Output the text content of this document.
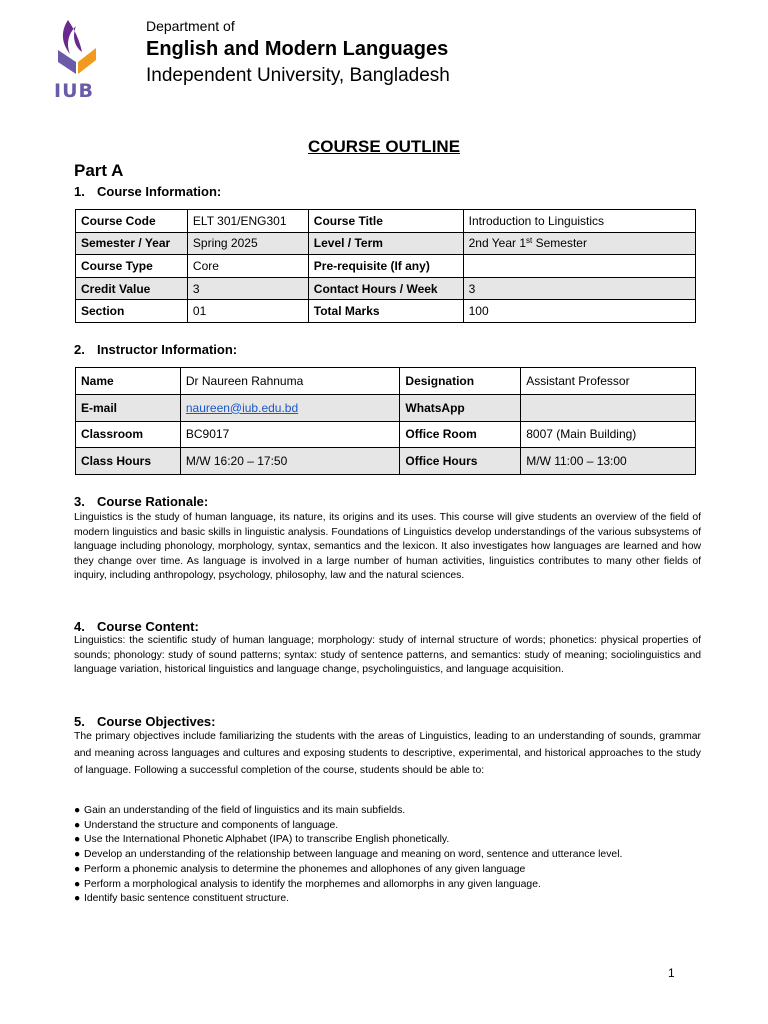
IUB
Department of
English and Modern Languages
Independent University, Bangladesh
COURSE OUTLINE
Part A
1. Course Information:
Course Code	ELT 301/ENG301	Course Title	Introduction to Linguistics
Semester / Year	Spring 2025	Level / Term	2nd Year 1st Semester
Course Type	Core	Pre-requisite (If any)	
Credit Value	3	Contact Hours / Week	3
Section	01	Total Marks	100
2. Instructor Information:
Name	Dr Naureen Rahnuma	Designation	Assistant Professor
E-mail	naureen@iub.edu.bd	WhatsApp	
Classroom	BC9017	Office Room	8007 (Main Building)
Class Hours	M/W 16:20 – 17:50	Office Hours	M/W 11:00 – 13:00
3. Course Rationale:
Linguistics is the study of human language, its nature, its origins and its uses. This course will give students an overview of the field of modern linguistics and basic skills in linguistic analysis. Foundations of Linguistics develop understandings of the various subsystems of language including phonology, morphology, syntax, semantics and the lexicon. It also investigates how languages are learned and how they change over time. As language is involved in a large number of human activities, linguistics contributes to many other fields of inquiry, including anthropology, psychology, philosophy, law and the natural sciences.
4. Course Content:
Linguistics: the scientific study of human language; morphology: study of internal structure of words; phonetics: physical properties of sounds; phonology: study of sound patterns; syntax: study of sentence patterns, and semantics: study of meaning; sociolinguistics and language variation, historical linguistics and language change, psycholinguistics, and language acquisition.
5. Course Objectives:
The primary objectives include familiarizing the students with the areas of Linguistics, leading to an understanding of sounds, grammar and meaning across languages and cultures and exposing students to descriptive, experimental, and historical approaches to the study of language. Following a successful completion of the course, students should be able to:
● Gain an understanding of the field of linguistics and its main subfields.
● Understand the structure and components of language.
● Use the International Phonetic Alphabet (IPA) to transcribe English phonetically.
● Develop an understanding of the relationship between language and meaning on word, sentence and utterance level.
● Perform a phonemic analysis to determine the phonemes and allophones of any given language
● Perform a morphological analysis to identify the morphemes and allomorphs in any given language.
● Identify basic sentence constituent structure.
1
